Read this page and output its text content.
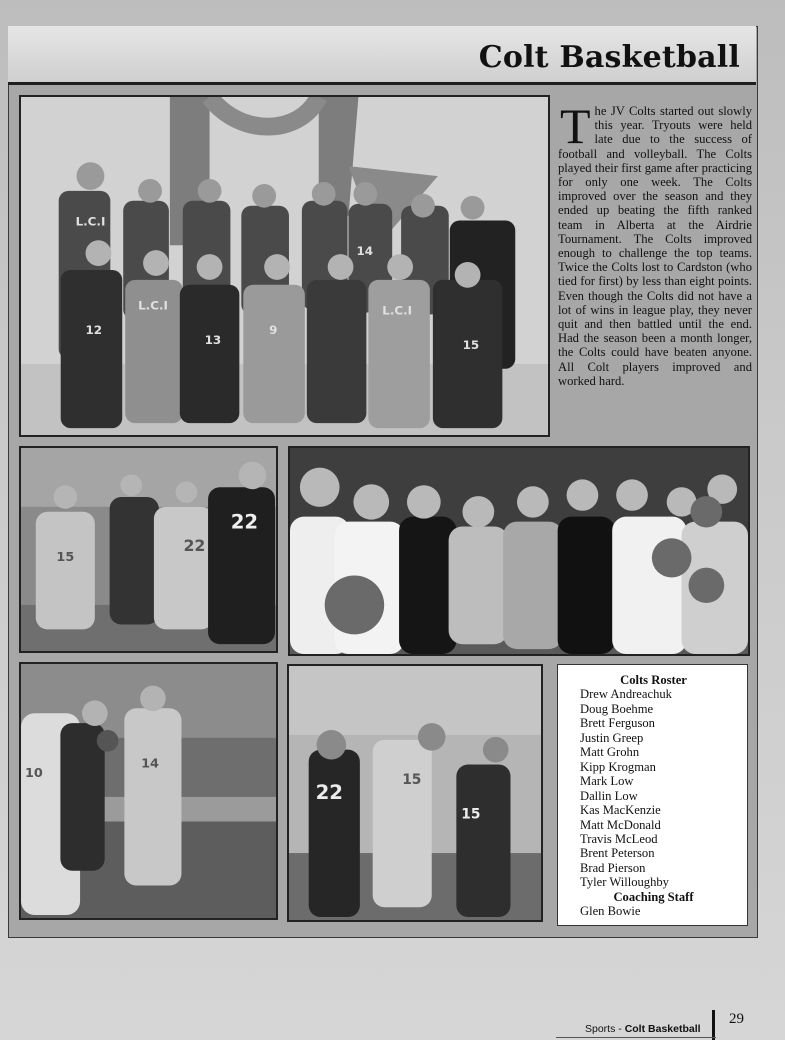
Colt Basketball
L.C.I
L.C.I	L.C.I
14
12
13
9
15
The JV Colts started out slowly this year. Tryouts were held late due to the success of football and volleyball. The Colts played their first game after practicing for only one week. The Colts improved over the season and they ended up beating the fifth ranked team in Alberta at the Airdrie Tournament. The Colts improved enough to challenge the top teams. Twice the Colts lost to Cardston (who tied for first) by less than eight points. Even though the Colts did not have a lot of wins in league play, they never quit and then battled until the end. Had the season been a month longer, the Colts could have beaten anyone. All Colt players improved and worked hard.
15
22
22
14
10
22
15
15
Colts Roster
Drew Andreachuk
Doug Boehme
Brett Ferguson
Justin Greep
Matt Grohn
Kipp Krogman
Mark Low
Dallin Low
Kas MacKenzie
Matt McDonald
Travis McLeod
Brent Peterson
Brad Pierson
Tyler Willoughby
Coaching Staff
Glen Bowie
Sports - Colt Basketball
29
